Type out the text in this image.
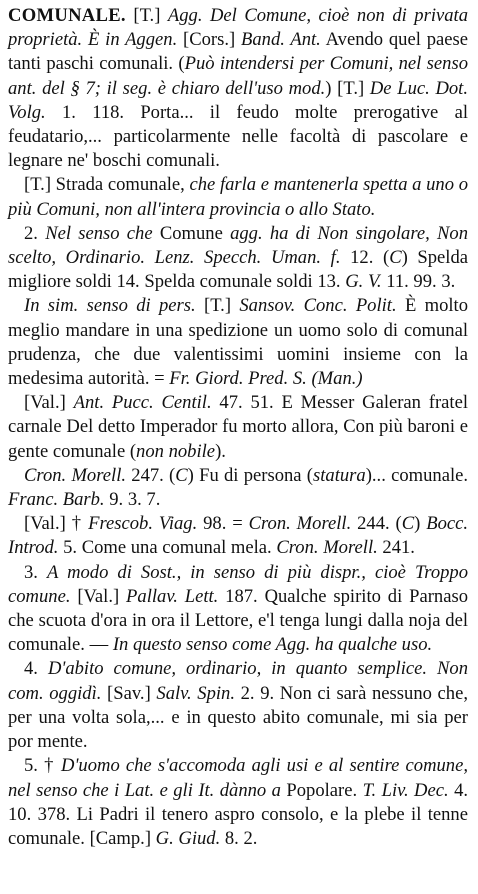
COMUNALE. [T.] Agg. Del Comune, cioè non di privata proprietà. È in Aggen. [Cors.] Band. Ant. Avendo quel paese tanti paschi comunali. (Può intendersi per Comuni, nel senso ant. del § 7; il seg. è chiaro dell'uso mod.) [T.] De Luc. Dot. Volg. 1. 118. Porta... il feudo molte prerogative al feudatario,... particolarmente nelle facoltà di pascolare e legnare ne' boschi comunali.

[T.] Strada comunale, che farla e mantenerla spetta a uno o più Comuni, non all'intera provincia o allo Stato.

2. Nel senso che Comune agg. ha di Non singolare, Non scelto, Ordinario. Lenz. Specch. Uman. f. 12. (C) Spelda migliore soldi 14. Spelda comunale soldi 13. G. V. 11. 99. 3.

In sim. senso di pers. [T.] Sansov. Conc. Polit. È molto meglio mandare in una spedizione un uomo solo di comunal prudenza, che due valentissimi uomini insieme con la medesima autorità. = Fr. Giord. Pred. S. (Man.)

[Val.] Ant. Pucc. Centil. 47. 51. E Messer Galeran fratel carnale Del detto Imperador fu morto allora, Con più baroni e gente comunale (non nobile).

Cron. Morell. 247. (C) Fu di persona (statura)... comunale. Franc. Barb. 9. 3. 7.

[Val.] † Frescob. Viag. 98. = Cron. Morell. 244. (C) Bocc. Introd. 5. Come una comunal mela. Cron. Morell. 241.

3. A modo di Sost., in senso di più dispr., cioè Troppo comune. [Val.] Pallav. Lett. 187. Qualche spirito di Parnaso che scuota d'ora in ora il Lettore, e'l tenga lungi dalla noja del comunale. — In questo senso come Agg. ha qualche uso.

4. D'abito comune, ordinario, in quanto semplice. Non com. oggidì. [Sav.] Salv. Spin. 2. 9. Non ci sarà nessuno che, per una volta sola,... e in questo abito comunale, mi sia per por mente.

5. † D'uomo che s'accomoda agli usi e al sentire comune, nel senso che i Lat. e gli It. dànno a Popolare. T. Liv. Dec. 4. 10. 378. Li Padri il tenero aspro consolo, e la plebe il tenne comunale. [Camp.] G. Giud. 8. 2.
